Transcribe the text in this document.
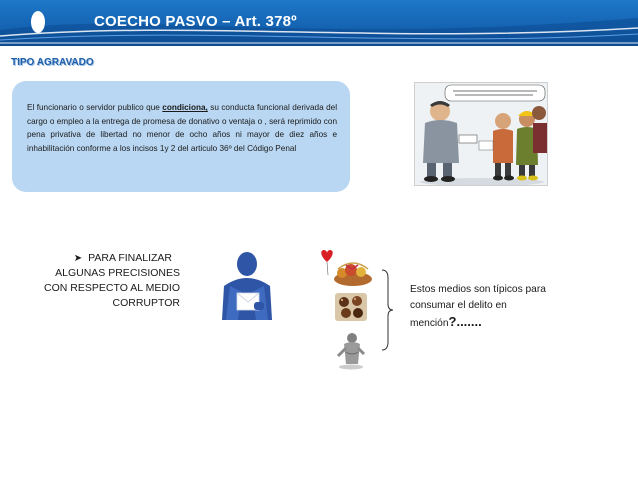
COECHO PASVO – Art. 378º
TIPO AGRAVADO
El funcionario o servidor publico que condiciona, su conducta funcional derivada del cargo o empleo a la entrega de promesa de donativo o ventaja o , será reprimido con pena privativa de libertad no menor de ocho años ni mayor de diez años e inhabilitación conforme a los incisos 1y 2 del articulo 36º del Código Penal
➤ PARA FINALIZAR
ALGUNAS PRECISIONES
CON RESPECTO AL MEDIO
CORRUPTOR
Estos medios son típicos para consumar el delito en mención?.......
